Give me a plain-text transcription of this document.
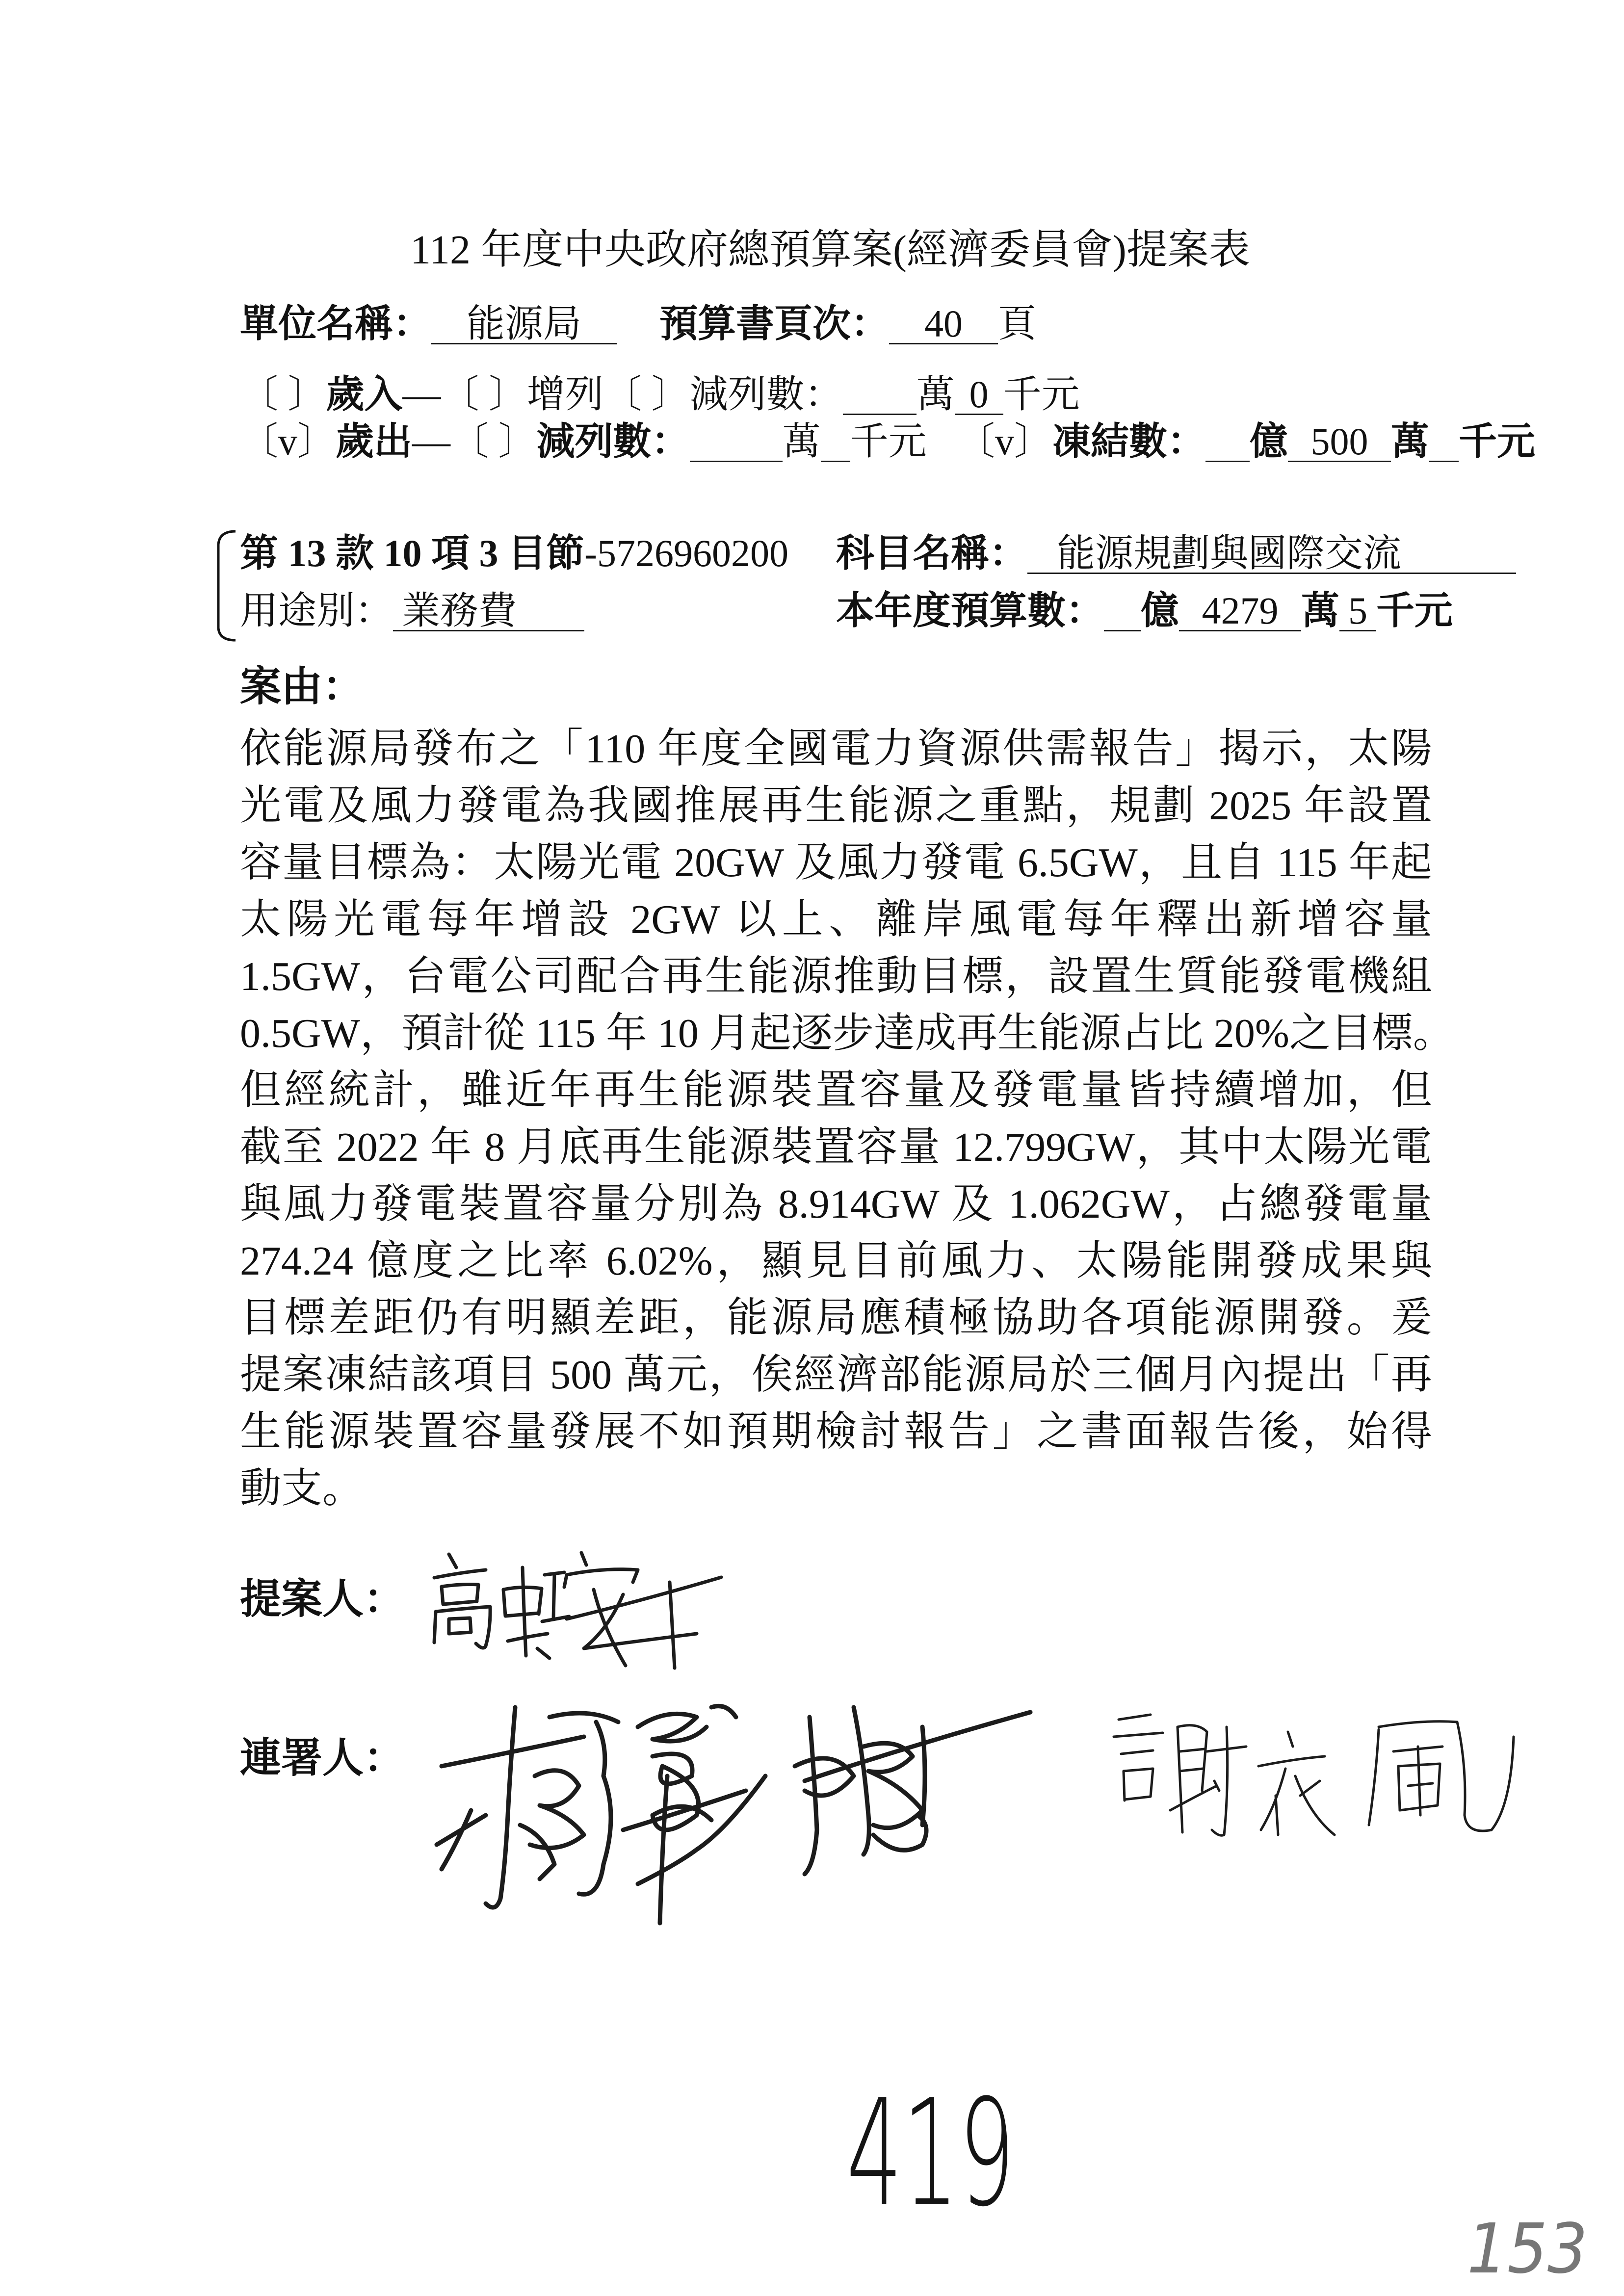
112 年度中央政府總預算案(經濟委員會)提案表
單位名稱： ​ 能源局	預算書頁次： ​ 40 頁
〔 〕 歲入 — 〔 〕 增列 〔 〕 減列數： ​ 萬 ​ 0 千元
〔v〕 歲出 — 〔 〕 減列數： ​ 萬 ​ 千元 〔v〕 凍結數： ​ 億 ​ 500 萬 ​ 千元
第 13 款 10 項 3 目節 -5726960200 科目名稱： ​ 能源規劃與國際交流
用途別： ​ 業務費	本年度預算數： ​ 億 ​ 4279 萬 ​ 5 千元
案由：
依能源局發布之「110 年度全國電力資源供需報告」揭示，太陽
光電及風力發電為我國推展再生能源之重點，規劃 2025 年設置
容量目標為：太陽光電 20GW 及風力發電 6.5GW，且自 115 年起
太陽光電每年增設 2GW 以上、離岸風電每年釋出新增容量
1.5GW，台電公司配合再生能源推動目標，設置生質能發電機組
0.5GW，預計從 115 年 10 月起逐步達成再生能源占比 20%之目標。
但經統計，雖近年再生能源裝置容量及發電量皆持續增加，但
截至 2022 年 8 月底再生能源裝置容量 12.799GW，其中太陽光電
與風力發電裝置容量分別為 8.914GW 及 1.062GW，占總發電量
274.24 億度之比率 6.02%，顯見目前風力、太陽能開發成果與
目標差距仍有明顯差距，能源局應積極協助各項能源開發。爰
提案凍結該項目 500 萬元，俟經濟部能源局於三個月內提出「再
生能源裝置容量發展不如預期檢討報告」之書面報告後，始得
動支。
提案人：
連署人：
419
153
